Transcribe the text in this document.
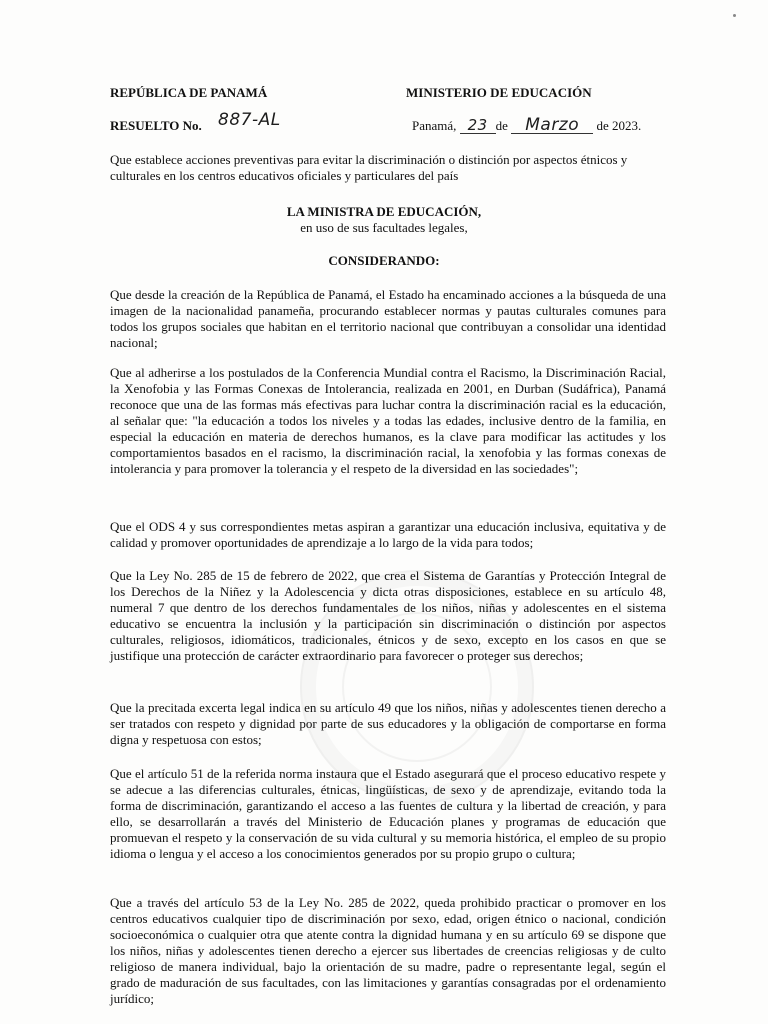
REPÚBLICA DE PANAMÁ	MINISTERIO DE EDUCACIÓN
RESUELTO No. 887-AL	Panamá, 23 de Marzo de 2023.

Que establece acciones preventivas para evitar la discriminación o distinción por aspectos étnicos y culturales en los centros educativos oficiales y particulares del país

LA MINISTRA DE EDUCACIÓN,
en uso de sus facultades legales,
CONSIDERANDO:

Que desde la creación de la República de Panamá, el Estado ha encaminado acciones a la búsqueda de una imagen de la nacionalidad panameña, procurando establecer normas y pautas culturales comunes para todos los grupos sociales que habitan en el territorio nacional que contribuyan a consolidar una identidad nacional;

Que al adherirse a los postulados de la Conferencia Mundial contra el Racismo, la Discriminación Racial, la Xenofobia y las Formas Conexas de Intolerancia, realizada en 2001, en Durban (Sudáfrica), Panamá reconoce que una de las formas más efectivas para luchar contra la discriminación racial es la educación, al señalar que: "la educación a todos los niveles y a todas las edades, inclusive dentro de la familia, en especial la educación en materia de derechos humanos, es la clave para modificar las actitudes y los comportamientos basados en el racismo, la discriminación racial, la xenofobia y las formas conexas de intolerancia y para promover la tolerancia y el respeto de la diversidad en las sociedades";

Que el ODS 4 y sus correspondientes metas aspiran a garantizar una educación inclusiva, equitativa y de calidad y promover oportunidades de aprendizaje a lo largo de la vida para todos;

Que la Ley No. 285 de 15 de febrero de 2022, que crea el Sistema de Garantías y Protección Integral de los Derechos de la Niñez y la Adolescencia y dicta otras disposiciones, establece en su artículo 48, numeral 7 que dentro de los derechos fundamentales de los niños, niñas y adolescentes en el sistema educativo se encuentra la inclusión y la participación sin discriminación o distinción por aspectos culturales, religiosos, idiomáticos, tradicionales, étnicos y de sexo, excepto en los casos en que se justifique una protección de carácter extraordinario para favorecer o proteger sus derechos;

Que la precitada excerta legal indica en su artículo 49 que los niños, niñas y adolescentes tienen derecho a ser tratados con respeto y dignidad por parte de sus educadores y la obligación de comportarse en forma digna y respetuosa con estos;

Que el artículo 51 de la referida norma instaura que el Estado asegurará que el proceso educativo respete y se adecue a las diferencias culturales, étnicas, lingüísticas, de sexo y de aprendizaje, evitando toda la forma de discriminación, garantizando el acceso a las fuentes de cultura y la libertad de creación, y para ello, se desarrollarán a través del Ministerio de Educación planes y programas de educación que promuevan el respeto y la conservación de su vida cultural y su memoria histórica, el empleo de su propio idioma o lengua y el acceso a los conocimientos generados por su propio grupo o cultura;

Que a través del artículo 53 de la Ley No. 285 de 2022, queda prohibido practicar o promover en los centros educativos cualquier tipo de discriminación por sexo, edad, origen étnico o nacional, condición socioeconómica o cualquier otra que atente contra la dignidad humana y en su artículo 69 se dispone que los niños, niñas y adolescentes tienen derecho a ejercer sus libertades de creencias religiosas y de culto religioso de manera individual, bajo la orientación de su madre, padre o representante legal, según el grado de maduración de sus facultades, con las limitaciones y garantías consagradas por el ordenamiento jurídico;
